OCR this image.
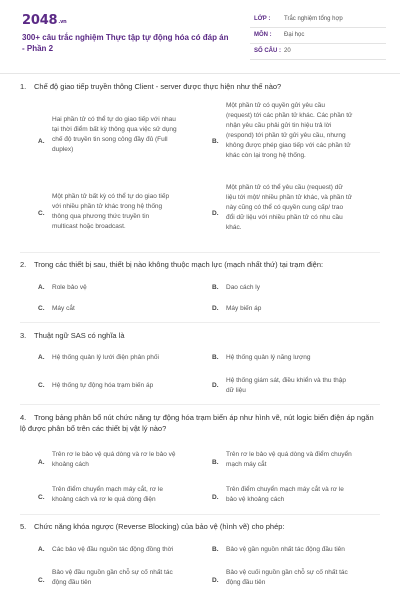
2048.vn
300+ câu trắc nghiệm Thực tập tự động hóa có đáp án - Phần 2
LỚP : Trắc nghiệm tổng hợp
MÔN : Đại học
SỐ CÂU : 20
1. Chế độ giao tiếp truyền thông Client - server được thực hiện như thế nào?
A.
Hai phần tử có thể tự do giao tiếp với nhau
tại thời điểm bất kỳ thông qua việc sử dụng
chế độ truyền tin song công đầy đủ (Full
duplex)
B.
Một phần tử có quyền gửi yêu cầu
(request) tới các phần tử khác. Các phần tử
nhận yêu cầu phải gửi tin hiệu trả lời
(respond) tới phần tử gửi yêu cầu, nhưng
không được phép giao tiếp với các phần tử
khác còn lại trong hệ thống.
C.
Một phần tử bất kỳ có thể tự do giao tiếp
với nhiều phần tử khác trong hệ thống
thông qua phương thức truyền tin
multicast hoặc broadcast.
D.
Một phần tử có thể yêu cầu (request) dữ
liệu tới một/ nhiều phần tử khác, và phần tử
này cũng có thể có quyền cung cấp/ trao
đổi dữ liệu với nhiều phần tử có nhu cầu
khác.
2. Trong các thiết bị sau, thiết bị nào không thuộc mạch lực (mạch nhất thứ) tại trạm điện:
A. Role bảo vệ	B. Dao cách ly
C. Máy cắt	D. Máy biến áp
3. Thuật ngữ SAS có nghĩa là
A. Hệ thống quản lý lưới điện phân phối	B. Hệ thống quản lý năng lượng
C. Hệ thống tự động hóa trạm biến áp	D.
Hệ thống giám sát, điều khiển và thu thập
dữ liệu
4. Trong bảng phân bổ nút chức năng tự động hóa trạm biến áp như hình vẽ, nút logic biến điện áp ngăn lộ được phân bổ trên các thiết bị vật lý nào?
A.
Trên rơ le bảo vệ quá dòng và rơ le bảo vệ
khoảng cách	B.
Trên rơ le bảo vệ quá dòng và điểm chuyển
mạch máy cắt
C.
Trên điểm chuyển mạch máy cắt, rơ le
khoảng cách và rơ le quá dòng điện	D.
Trên điểm chuyển mạch máy cắt và rơ le
bảo vệ khoảng cách
5. Chức năng khóa ngược (Reverse Blocking) của bảo vệ (hình vẽ) cho phép:
A. Các bảo vệ đầu nguồn tác động đồng thời	B. Bảo vệ gần nguồn nhất tác động đầu tiên
C.
Bảo vệ đầu nguồn gần chỗ sự cố nhất tác
động đầu tiên	D.
Bảo vệ cuối nguồn gần chỗ sự cố nhất tác
động đầu tiên
